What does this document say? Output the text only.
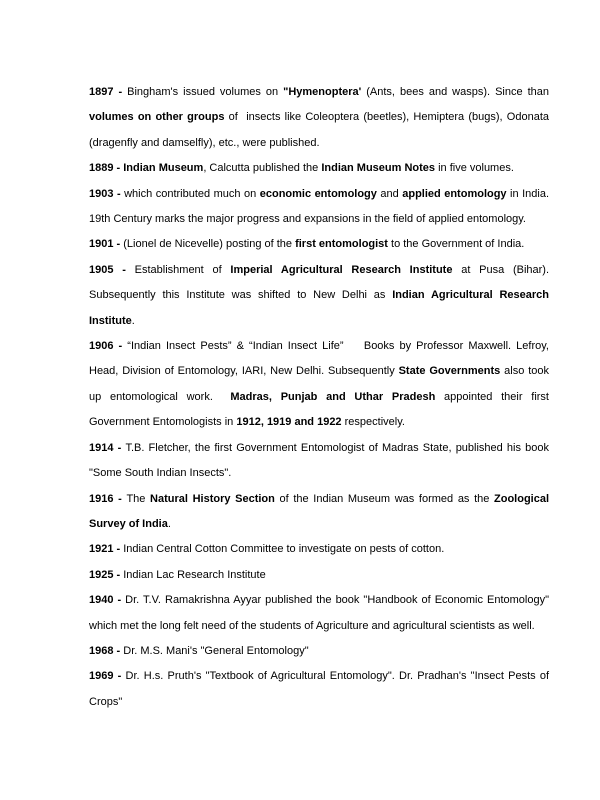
1897 - Bingham's issued volumes on "Hymenoptera' (Ants, bees and wasps). Since than volumes on other groups of  insects like Coleoptera (beetles), Hemiptera (bugs), Odonata (dragenfly and damselfly), etc., were published.

1889 - Indian Museum, Calcutta published the Indian Museum Notes in five volumes.

1903 - which contributed much on economic entomology and applied entomology in India. 19th Century marks the major progress and expansions in the field of applied entomology.

1901 - (Lionel de Nicevelle) posting of the first entomologist to the Government of India.

1905 - Establishment of Imperial Agricultural Research Institute at Pusa (Bihar). Subsequently this Institute was shifted to New Delhi as Indian Agricultural Research Institute.

1906 - “Indian Insect Pests” & “Indian Insect Life”    Books by Professor Maxwell. Lefroy, Head, Division of Entomology, IARI, New Delhi. Subsequently State Governments also took up entomological work.  Madras, Punjab and Uthar Pradesh appointed their first Government Entomologists in 1912, 1919 and 1922 respectively.

1914 - T.B. Fletcher, the first Government Entomologist of Madras State, published his book "Some South Indian Insects".

1916 - The Natural History Section of the Indian Museum was formed as the Zoological Survey of India.

1921 - Indian Central Cotton Committee to investigate on pests of cotton.

1925 - Indian Lac Research Institute

1940 - Dr. T.V. Ramakrishna Ayyar published the book "Handbook of Economic Entomology" which met the long felt need of the students of Agriculture and agricultural scientists as well.

1968 - Dr. M.S. Mani's "General Entomology"

1969 - Dr. H.s. Pruth's "Textbook of Agricultural Entomology". Dr. Pradhan's "Insect Pests of Crops"
